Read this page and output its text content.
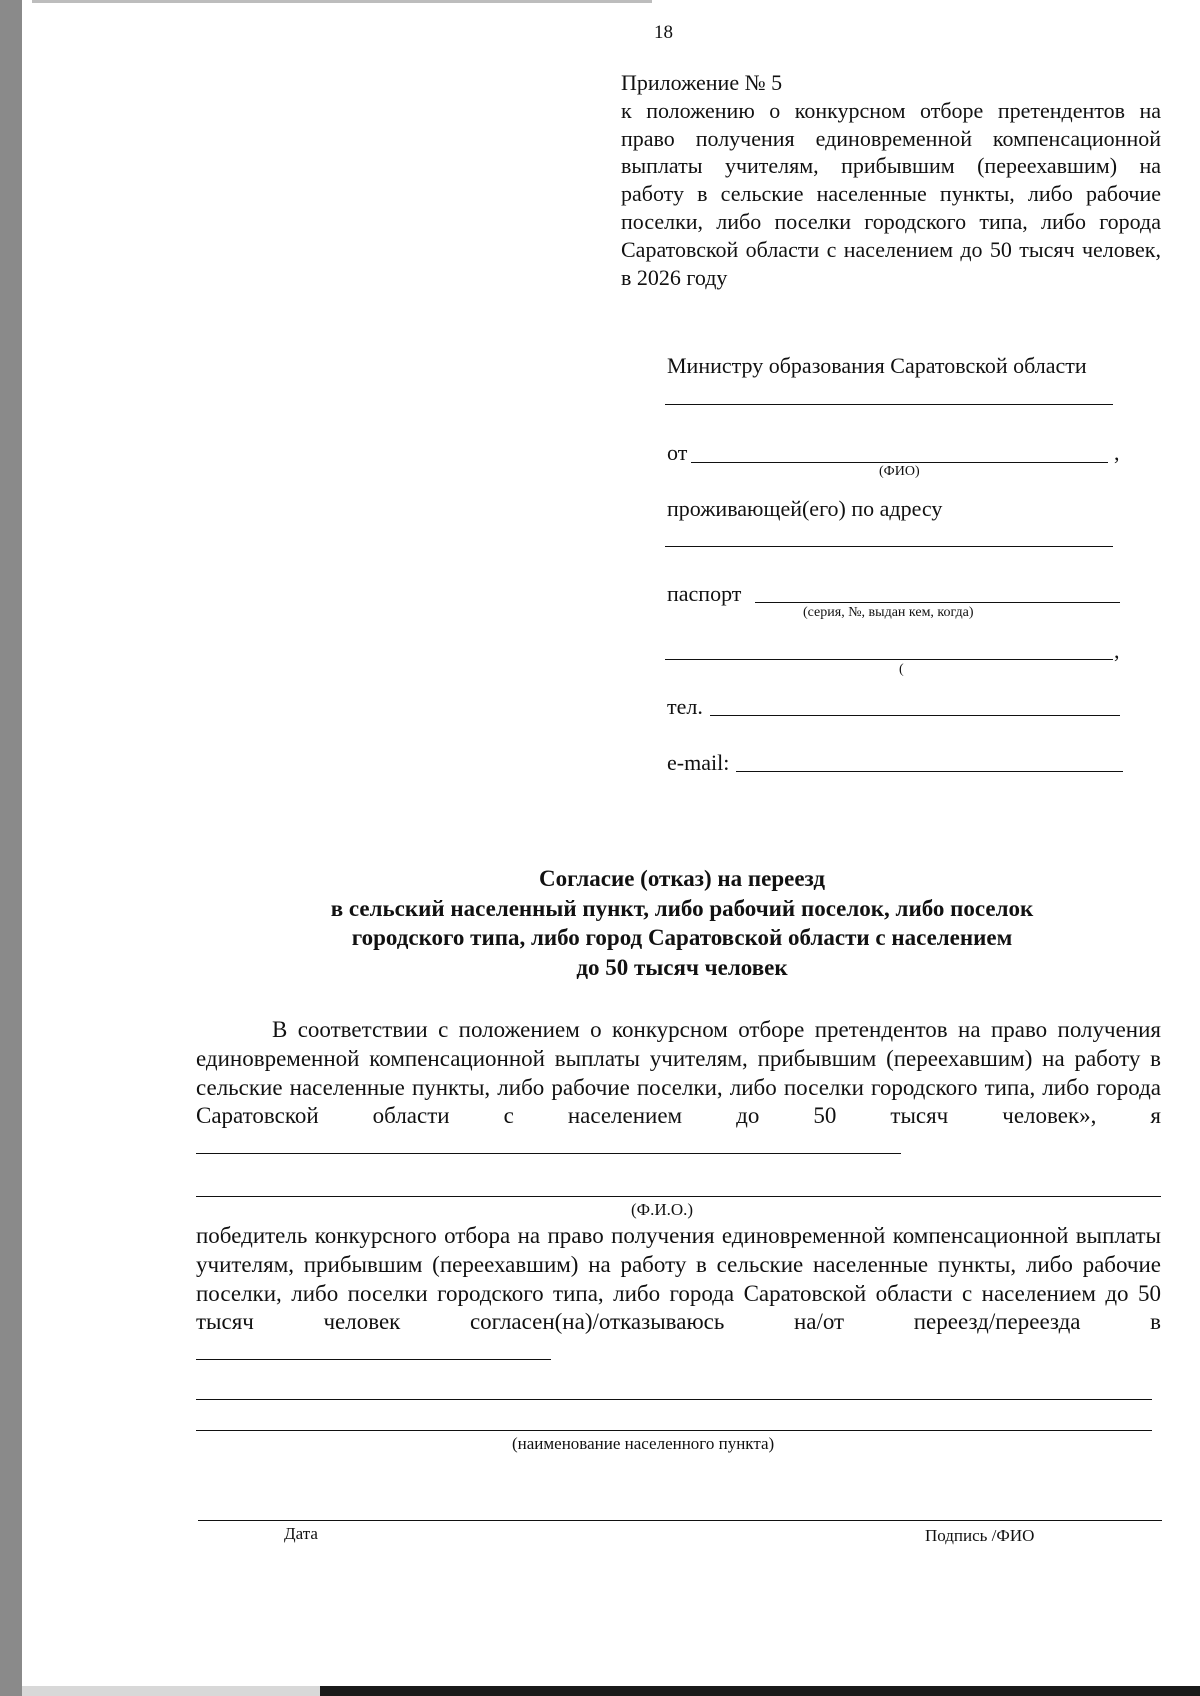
18
Приложение № 5
к положению о конкурсном отборе претендентов на право получения единовременной компенсационной выплаты учителям, прибывшим (переехавшим) на работу в сельские населенные пункты, либо рабочие поселки, либо поселки городского типа, либо города Саратовской области с населением до 50 тысяч человек, в 2026 году
Министру образования Саратовской области
от	,
(ФИО)
проживающей(его) по адресу
паспорт
(серия, №, выдан кем, когда)
,
(
тел.
e-mail:
Согласие (отказ) на переезд
в сельский населенный пункт, либо рабочий поселок, либо поселок
городского типа, либо город Саратовской области с населением
до 50 тысяч человек
В соответствии с положением о конкурсном отборе претендентов на право получения единовременной компенсационной выплаты учителям, прибывшим (переехавшим) на работу в сельские населенные пункты, либо рабочие поселки, либо поселки городского типа, либо города Саратовской области с населением до 50 тысяч человек», я
(Ф.И.О.)
победитель конкурсного отбора на право получения единовременной компенсационной выплаты учителям, прибывшим (переехавшим) на работу в сельские населенные пункты, либо рабочие поселки, либо поселки городского типа, либо города Саратовской области с населением до 50 тысяч человек согласен(на)/отказываюсь на/от переезд/переезда в
(наименование населенного пункта)
Дата	Подпись /ФИО
